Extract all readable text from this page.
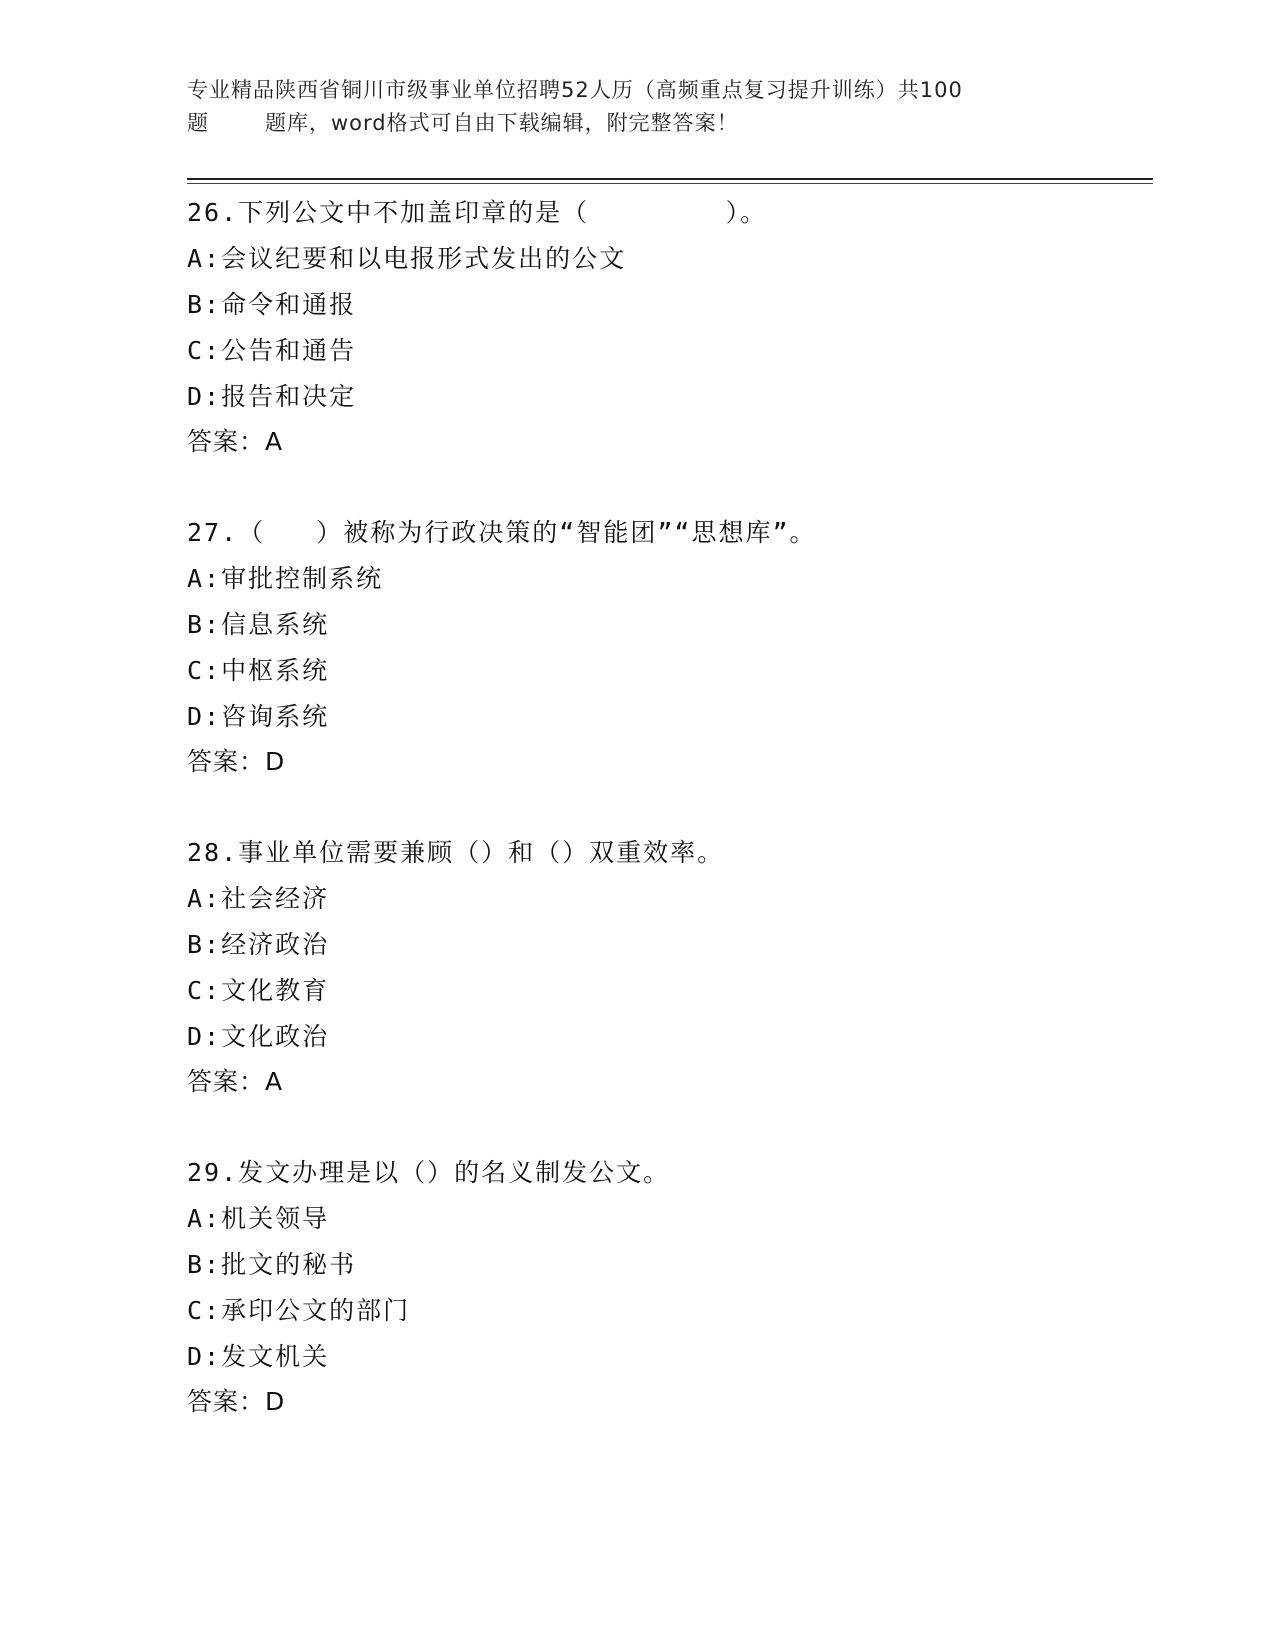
专业精品陕西省铜川市级事业单位招聘52人历（高频重点复习提升训练）共100
题	题库，word格式可自由下载编辑，附完整答案！
26.下列公文中不加盖印章的是（        ）。
A:会议纪要和以电报形式发出的公文
B:命令和通报
C:公告和通告
D:报告和决定
答案：A
27.（   ）被称为行政决策的“智能团”“思想库”。
A:审批控制系统
B:信息系统
C:中枢系统
D:咨询系统
答案：D
28.事业单位需要兼顾（）和（）双重效率。
A:社会经济
B:经济政治
C:文化教育
D:文化政治
答案：A
29.发文办理是以（）的名义制发公文。
A:机关领导
B:批文的秘书
C:承印公文的部门
D:发文机关
答案：D
